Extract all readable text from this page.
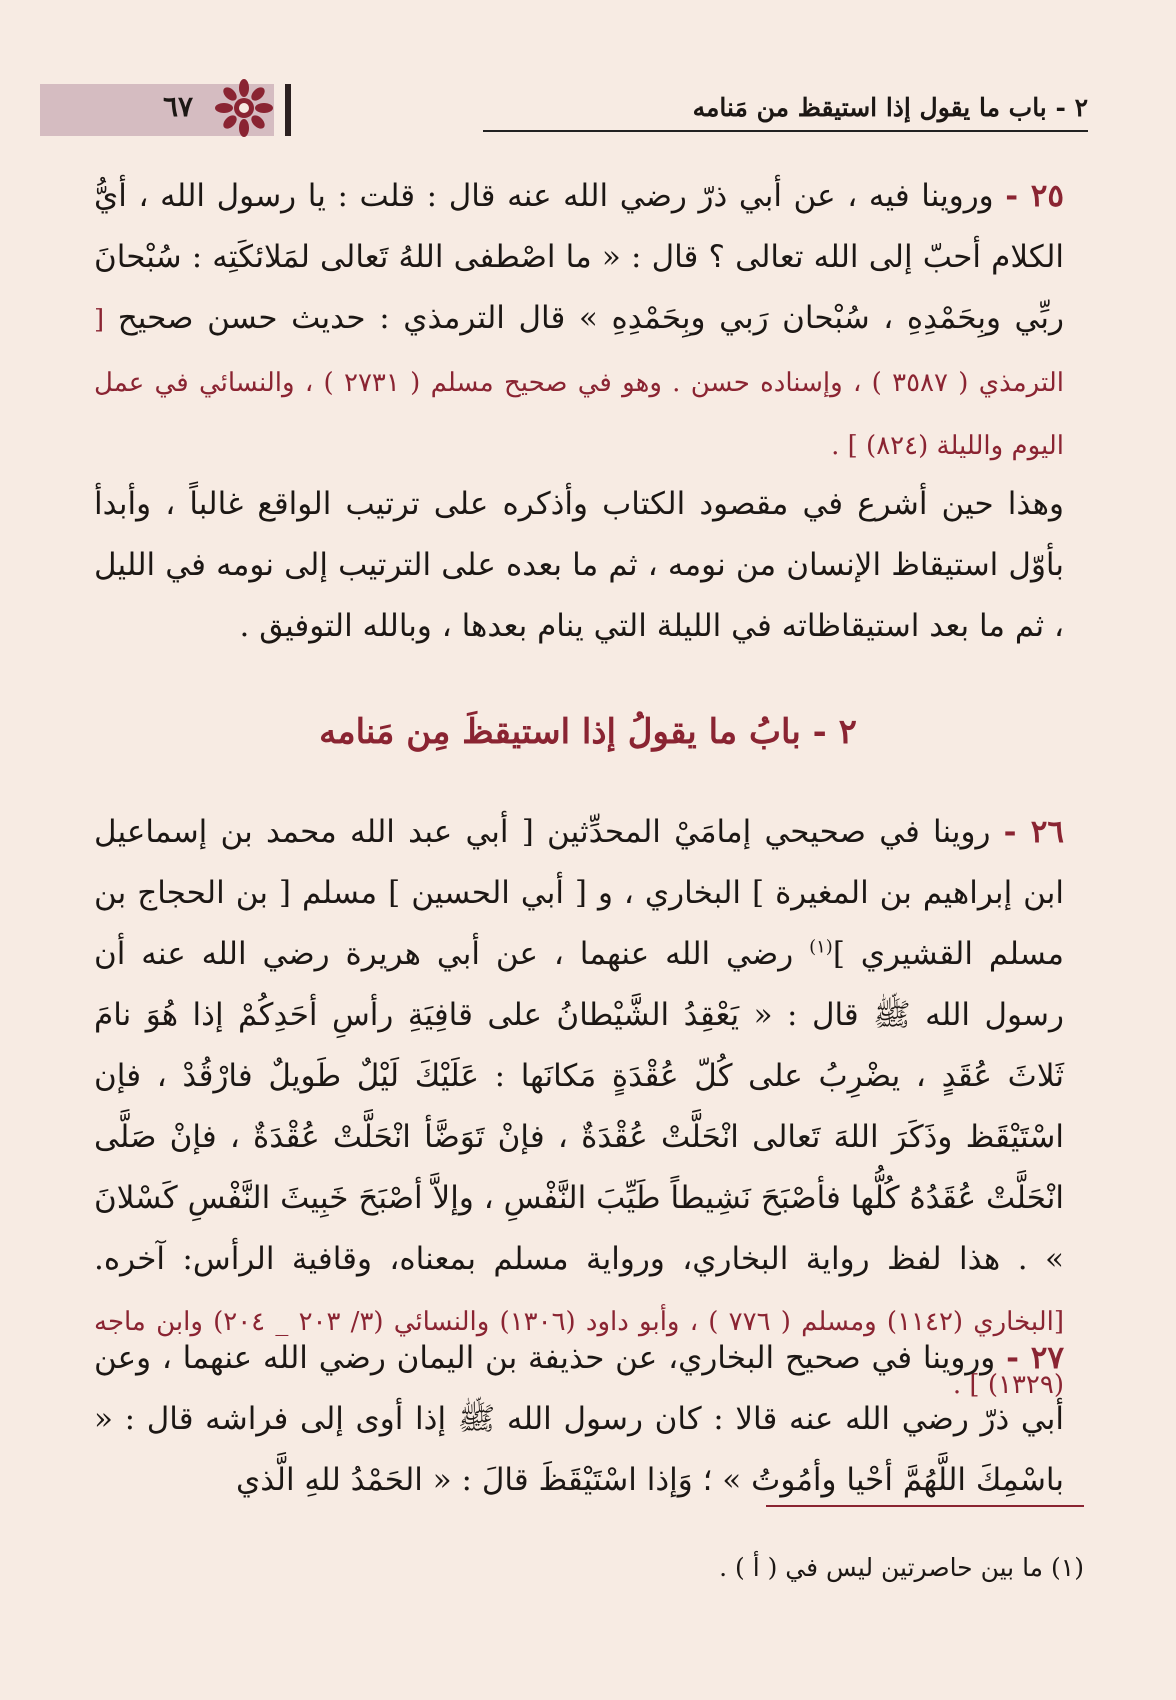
٦٧	٢ - باب ما يقول إذا استيقظ من مَنامه
٢٥ - وروينا فيه ، عن أبي ذرّ رضي الله عنه قال : قلت : يا رسول الله ، أيُّ الكلام أحبّ إلى الله تعالى ؟ قال : « ما اصْطفى اللهُ تَعالى لمَلائكَتِه : سُبْحانَ ربِّي وبِحَمْدِهِ ، سُبْحان رَبي وبِحَمْدِهِ » قال الترمذي : حديث حسن صحيح [ الترمذي ( ٣٥٨٧ ) ، وإسناده حسن . وهو في صحيح مسلم ( ٢٧٣١ ) ، والنسائي في عمل اليوم والليلة (٨٢٤) ] .
وهذا حين أشرع في مقصود الكتاب وأذكره على ترتيب الواقع غالباً ، وأبدأ بأوّل استيقاظ الإنسان من نومه ، ثم ما بعده على الترتيب إلى نومه في الليل ، ثم ما بعد استيقاظاته في الليلة التي ينام بعدها ، وبالله التوفيق .
٢ - بابُ ما يقولُ إذا استيقظَ مِن مَنامه
٢٦ - روينا في صحيحي إمامَيْ المحدِّثين [ أبي عبد الله محمد بن إسماعيل ابن إبراهيم بن المغيرة ] البخاري ، و [ أبي الحسين ] مسلم [ بن الحجاج بن مسلم القشيري ]$^{(١)}$ رضي الله عنهما ، عن أبي هريرة رضي الله عنه أن رسول الله ﷺ قال : « يَعْقِدُ الشَّيْطانُ على قافِيَةِ رأسِ أحَدِكُمْ إذا هُوَ نامَ ثَلاثَ عُقَدٍ ، يضْرِبُ على كُلّ عُقْدَةٍ مَكانَها : عَلَيْكَ لَيْلٌ طَويلٌ فارْقُدْ ، فإن اسْتَيْقَظ وذَكَرَ اللهَ تَعالى انْحَلَّتْ عُقْدَةٌ ، فإنْ تَوَضَّأ انْحَلَّتْ عُقْدَةٌ ، فإنْ صَلَّى انْحَلَّتْ عُقَدُهُ كُلُّها فأصْبَحَ نَشِيطاً طَيِّبَ النَّفْسِ ، وإلاَّ أصْبَحَ خَبِيثَ النَّفْسِ كَسْلانَ » . هذا لفظ رواية البخاري، ورواية مسلم بمعناه، وقافية الرأس: آخره. [البخاري (١١٤٢) ومسلم ( ٧٧٦ ) ، وأبو داود (١٣٠٦) والنسائي (٣/ ٢٠٣ _ ٢٠٤) وابن ماجه (١٣٢٩) ] .
٢٧ - وروينا في صحيح البخاري، عن حذيفة بن اليمان رضي الله عنهما ، وعن أبي ذرّ رضي الله عنه قالا : كان رسول الله ﷺ إذا أوى إلى فراشه قال : « باسْمِكَ اللَّهُمَّ أحْيا وأمُوتُ » ؛ وَإذا اسْتَيْقَظَ قالَ : « الحَمْدُ للهِ الَّذي
(١) ما بين حاصرتين ليس في ( أ ) .
